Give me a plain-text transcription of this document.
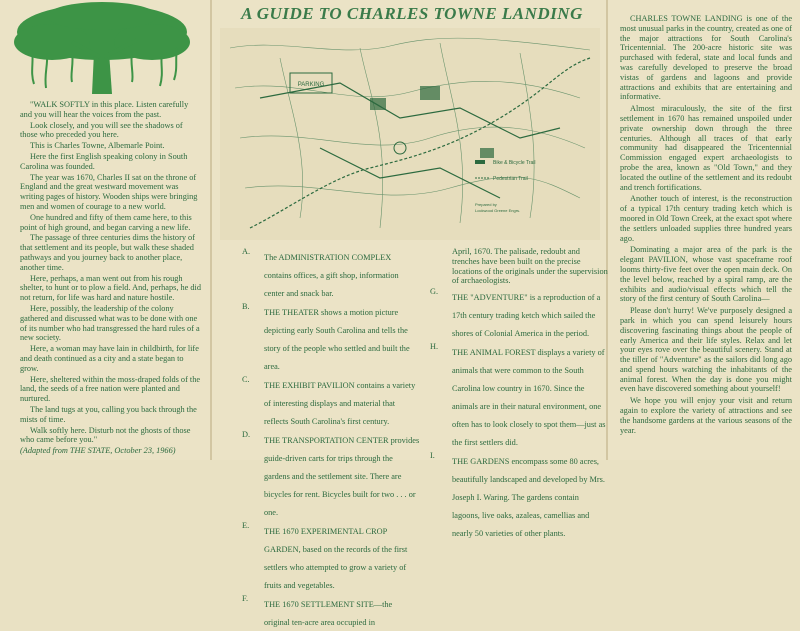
"WALK SOFTLY in this place. Listen carefully and you will hear the voices from the past.

Look closely, and you will see the shadows of those who preceded you here.

This is Charles Towne, Albemarle Point.

Here the first English speaking colony in South Carolina was founded.

The year was 1670, Charles II sat on the throne of England and the great westward movement was writing pages of history. Wooden ships were bringing men and women of courage to a new world.

One hundred and fifty of them came here, to this point of high ground, and began carving a new life.

The passage of three centuries dims the history of that settlement and its people, but walk these shaded pathways and you journey back to another place, another time.

Here, perhaps, a man went out from his rough shelter, to hunt or to plow a field. And, perhaps, he did not return, for life was hard and nature hostile.

Here, possibly, the leadership of the colony gathered and discussed what was to be done with one of its number who had transgressed the hard rules of a new society.

Here, a woman may have lain in childbirth, for life and death continued as a city and a state began to grow.

Here, sheltered within the moss-draped folds of the land, the seeds of a free nation were planted and nurtured.

The land tugs at you, calling you back through the mists of time.

Walk softly here. Disturb not the ghosts of those who came before you."

(Adapted from THE STATE, October 23, 1966)

A GUIDE TO CHARLES TOWNE LANDING
PARKING
Bike & Bicycle Trail
Pedestrian Trail
Prepared by
Lockwood Greene Engrs.
A.
The ADMINISTRATION COMPLEX contains offices, a gift shop, information center and snack bar.
B.
THE THEATER shows a motion picture depicting early South Carolina and tells the story of the people who settled and built the area.
C.
THE EXHIBIT PAVILION contains a variety of interesting displays and material that reflects South Carolina's first century.
D.
THE TRANSPORTATION CENTER provides guide-driven carts for trips through the gardens and the settlement site. There are bicycles for rent. Bicycles built for two . . . or one.
E.
THE 1670 EXPERIMENTAL CROP GARDEN, based on the records of the first settlers who attempted to grow a variety of fruits and vegetables.
F.
THE 1670 SETTLEMENT SITE—the original ten-acre area occupied in
April, 1670. The palisade, redoubt and trenches have been built on the precise locations of the originals under the supervision of archaeologists.
G.
THE "ADVENTURE" is a reproduction of a 17th century trading ketch which sailed the shores of Colonial America in the period.
H.
THE ANIMAL FOREST displays a variety of animals that were common to the South Carolina low country in 1670. Since the animals are in their natural environment, one often has to look closely to spot them—just as the first settlers did.
I.
THE GARDENS encompass some 80 acres, beautifully landscaped and developed by Mrs. Joseph I. Waring. The gardens contain lagoons, live oaks, azaleas, camellias and nearly 50 varieties of other plants.

CHARLES TOWNE LANDING is one of the most unusual parks in the country, created as one of the major attractions for South Carolina's Tricentennial. The 200-acre historic site was purchased with federal, state and local funds and was carefully developed to preserve the broad vistas of gardens and lagoons and provide attractions and exhibits that are entertaining and informative.

Almost miraculously, the site of the first settlement in 1670 has remained unspoiled under private ownership down through the three centuries. Although all traces of that early community had disappeared the Tricentennial Commission engaged expert archaeologists to probe the area, known as "Old Town," and they located the outline of the settlement and its redoubt and trench fortifications.

Another touch of interest, is the reconstruction of a typical 17th century trading ketch which is moored in Old Town Creek, at the exact spot where the settlers unloaded supplies three hundred years ago.

Dominating a major area of the park is the elegant PAVILION, whose vast spaceframe roof looms thirty-five feet over the open main deck. On the level below, reached by a spiral ramp, are the exhibits and audio/visual effects which tell the story of the first century of South Carolina—

Please don't hurry! We've purposely designed a park in which you can spend leisurely hours discovering fascinating things about the people of early America and their life styles. Relax and let your eyes rove over the beautiful scenery. Stand at the tiller of "Adventure" as the sailors did long ago and spend hours watching the inhabitants of the animal forest. When the day is done you might even have discovered something about yourself!

We hope you will enjoy your visit and return again to explore the variety of attractions and see the handsome gardens at the various seasons of the year.
